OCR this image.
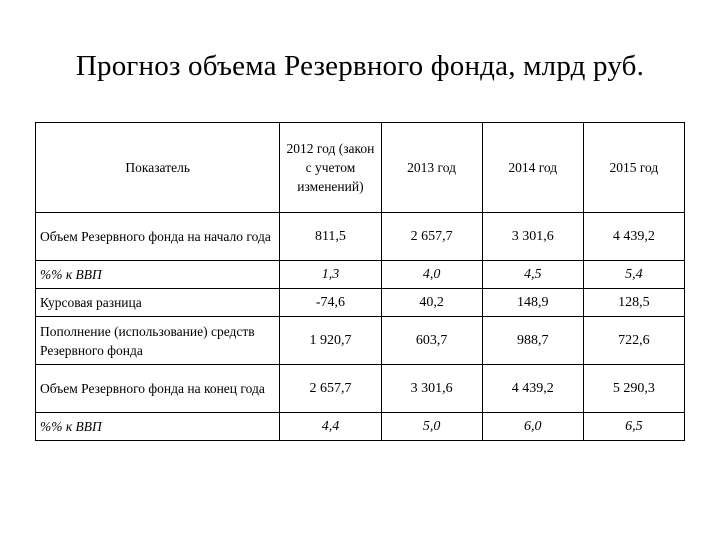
Прогноз объема Резервного фонда, млрд руб.
Показатель	2012 год (закон с учетом изменений)	2013 год	2014 год	2015 год
Объем Резервного фонда на начало года	811,5	2 657,7	3 301,6	4 439,2
%% к ВВП	1,3	4,0	4,5	5,4
Курсовая разница	-74,6	40,2	148,9	128,5
Пополнение (использование) средств Резервного фонда	1 920,7	603,7	988,7	722,6
Объем Резервного фонда на конец года	2 657,7	3 301,6	4 439,2	5 290,3
%% к ВВП	4,4	5,0	6,0	6,5
